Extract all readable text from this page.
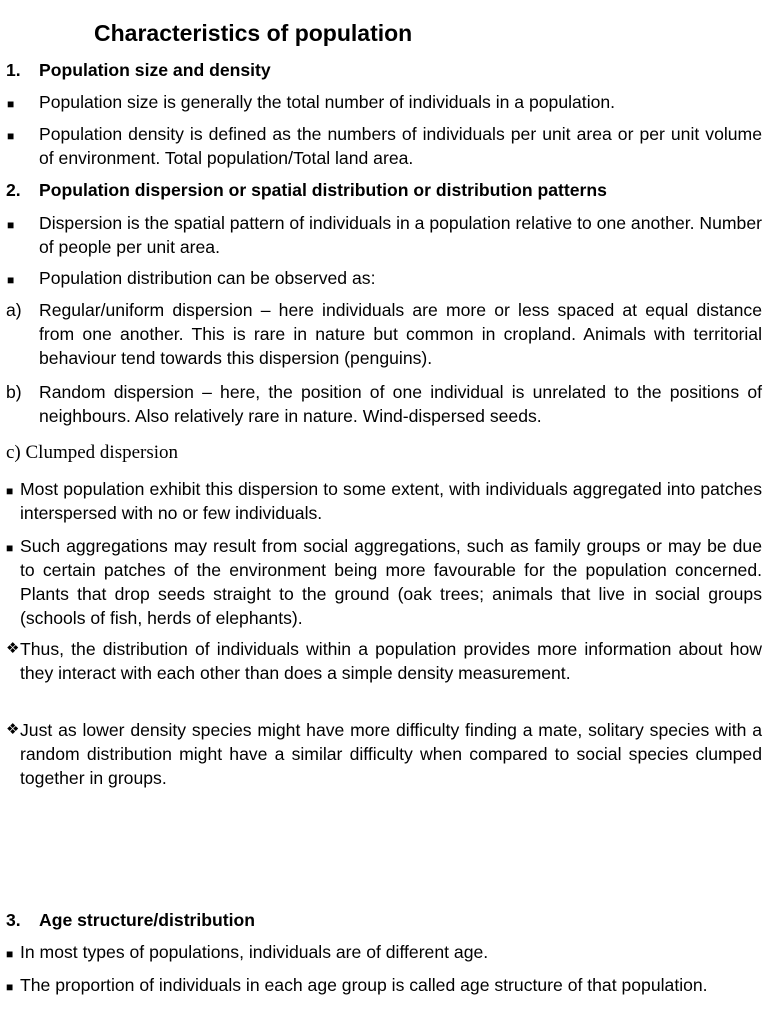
Characteristics of population
1. Population size and density
■ Population size is generally the total number of individuals in a population.
■ Population density is defined as the numbers of individuals per unit area or per unit volume of environment. Total population/Total land area.
2. Population dispersion or spatial distribution or distribution patterns
■ Dispersion is the spatial pattern of individuals in a population relative to one another. Number of people per unit area.
■ Population distribution can be observed as:
a) Regular/uniform dispersion – here individuals are more or less spaced at equal distance from one another. This is rare in nature but common in cropland. Animals with territorial behaviour tend towards this dispersion (penguins).
b) Random dispersion – here, the position of one individual is unrelated to the positions of neighbours. Also relatively rare in nature. Wind-dispersed seeds.
c) Clumped dispersion
■ Most population exhibit this dispersion to some extent, with individuals aggregated into patches interspersed with no or few individuals.
■ Such aggregations may result from social aggregations, such as family groups or may be due to certain patches of the environment being more favourable for the population concerned. Plants that drop seeds straight to the ground (oak trees; animals that live in social groups (schools of fish, herds of elephants).
❖ Thus, the distribution of individuals within a population provides more information about how they interact with each other than does a simple density measurement.
❖ Just as lower density species might have more difficulty finding a mate, solitary species with a random distribution might have a similar difficulty when compared to social species clumped together in groups.
3. Age structure/distribution
■ In most types of populations, individuals are of different age.
■ The proportion of individuals in each age group is called age structure of that population.
